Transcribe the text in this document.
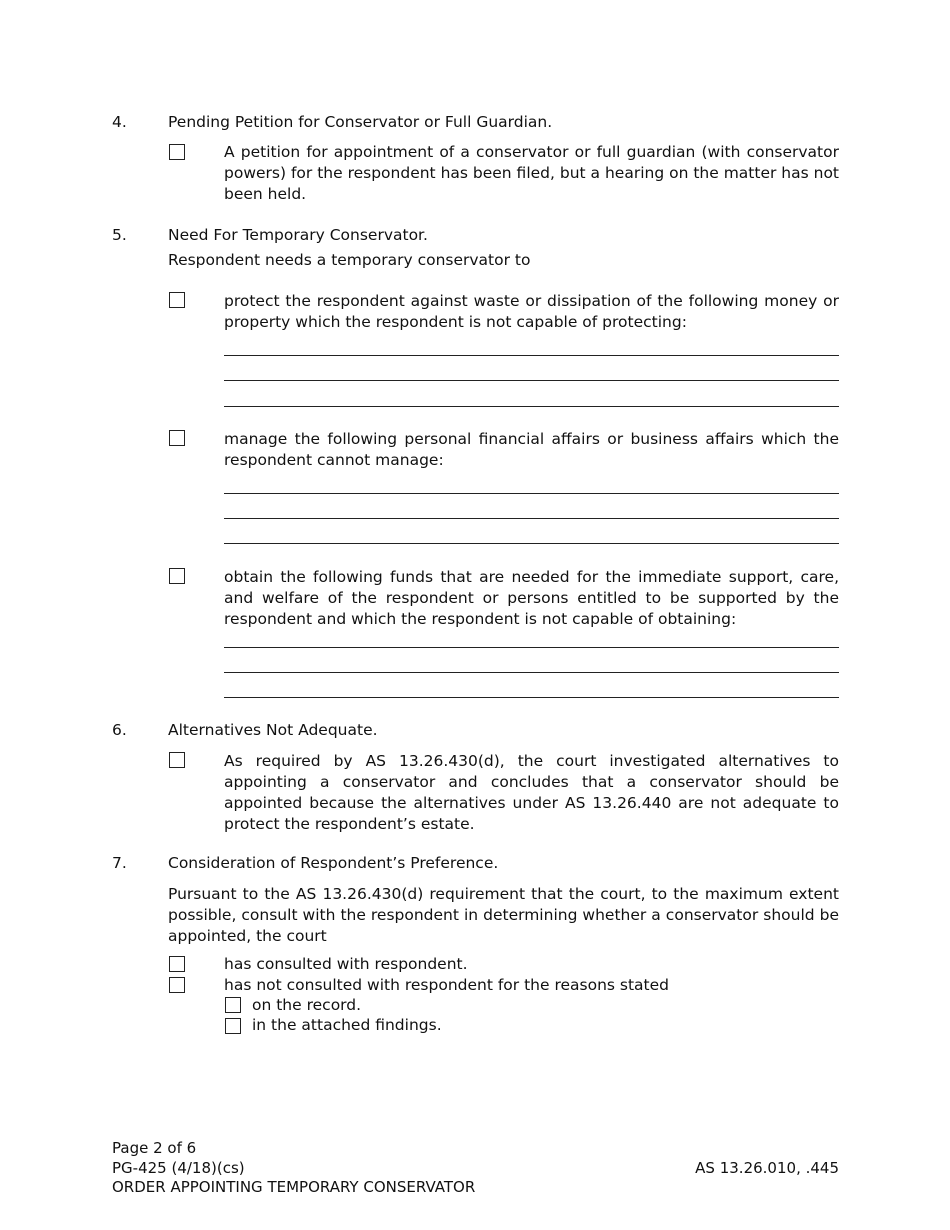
4.	Pending Petition for Conservator or Full Guardian.
A petition for appointment of a conservator or full guardian (with conservator powers) for the respondent has been filed, but a hearing on the matter has not been held.
5.	Need For Temporary Conservator.
Respondent needs a temporary conservator to
protect the respondent against waste or dissipation of the following money or property which the respondent is not capable of protecting:
manage the following personal financial affairs or business affairs which the respondent cannot manage:
obtain the following funds that are needed for the immediate support, care, and welfare of the respondent or persons entitled to be supported by the respondent and which the respondent is not capable of obtaining:
6.	Alternatives Not Adequate.
As required by AS 13.26.430(d), the court investigated alternatives to appointing a conservator and concludes that a conservator should be appointed because the alternatives under AS 13.26.440 are not adequate to protect the respondent’s estate.
7.	Consideration of Respondent’s Preference.
Pursuant to the AS 13.26.430(d) requirement that the court, to the maximum extent possible, consult with the respondent in determining whether a conservator should be appointed, the court
has consulted with respondent.
has not consulted with respondent for the reasons stated
on the record.
in the attached findings.
Page 2 of 6
PG-425 (4/18)(cs)
ORDER APPOINTING TEMPORARY CONSERVATOR
AS 13.26.010, .445
